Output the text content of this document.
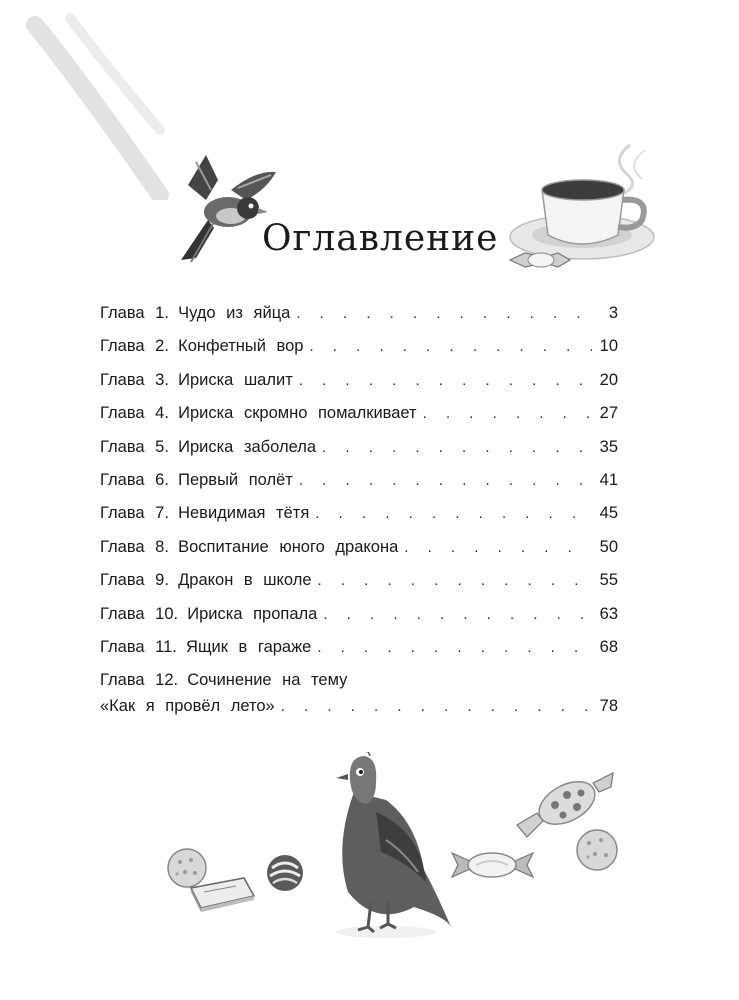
Оглавление
Глава 1.
Чудо из яйца . . .	3
Глава 2.
Конфетный вор . . .	10
Глава 3.
Ириска шалит . . .	20
Глава 4.
Ириска скромно помалкивает . . .	27
Глава 5.
Ириска заболела . . .	35
Глава 6.
Первый полёт . . .	41
Глава 7.
Невидимая тётя . . .	45
Глава 8.
Воспитание юного дракона . . .	50
Глава 9.
Дракон в школе . . .	55
Глава 10.
Ириска пропала . . .	63
Глава 11.
Ящик в гараже . . .	68
Глава 12.
Сочинение на тему
«Как я провёл лето» . . .	78
